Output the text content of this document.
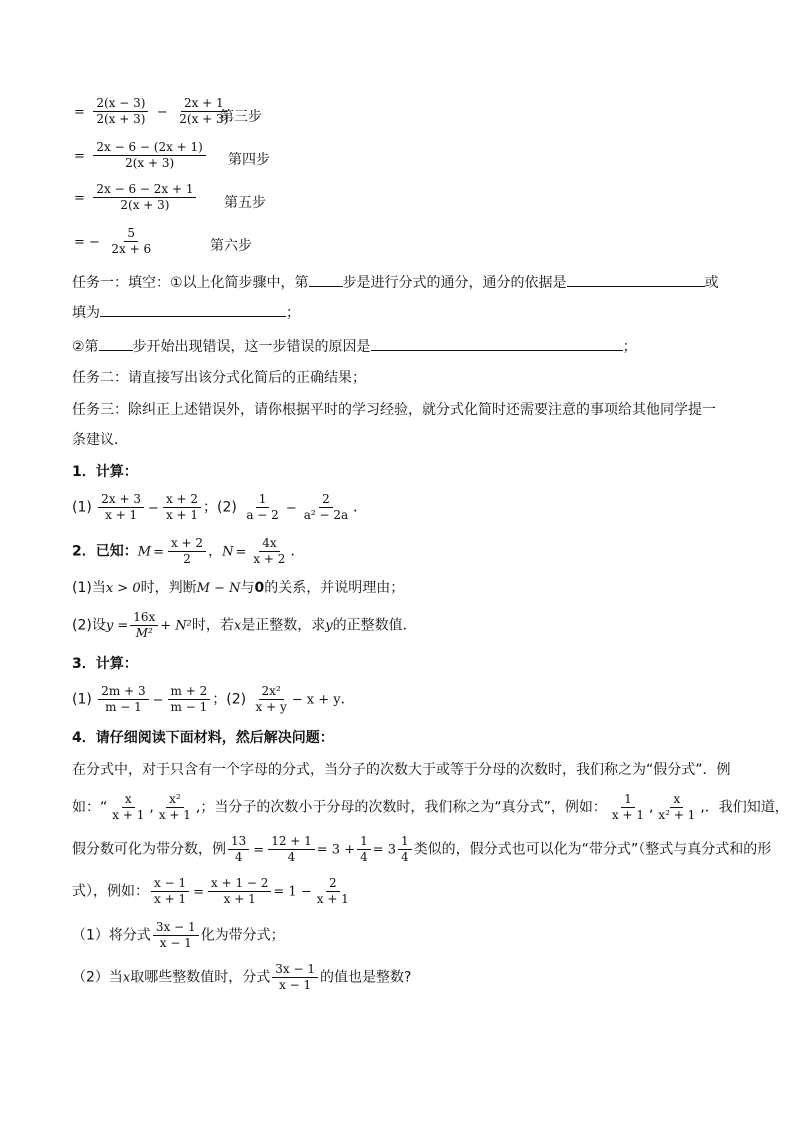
= $\frac{2(x - 3)}{2(x + 3)} - \frac{2x + 1}{2(x + 3)}$
第三步
= $\frac{2x - 6 - (2x + 1)}{2(x + 3)}$ 第四步
= $\frac{2x - 6 - 2x + 1}{2(x + 3)}$ 第五步
= − $\frac{5}{2x + 6}$	第六步
任务一：填空：①以上化简步骤中，第 步是进行分式的通分，通分的依据是	或
填为	；
②第 步开始出现错误，这一步错误的原因是	；
任务二：请直接写出该分式化简后的正确结果；
任务三：除纠正上述错误外，请你根据平时的学习经验，就分式化简时还需要注意的事项给其他同学提一
条建议．
1．计算：
$(1) \frac{2x + 3}{x + 1} - \frac{x + 2}{x + 1}$ ；$(2) \frac{1}{a - 2} - \frac{2}{\text{a² − 2a}}$ ．
2．已知：$M = \frac{x + 2}{2}$ ，$N = \frac{4x}{x + 2}$ ．
(1)当x > 0时，判断M − N与0的关系，并说明理由；
(2)设$y = \frac{16x}{\text{M²}} + N^2$时，若x是正整数，求y的正整数值．
3．计算：
$(1) \frac{2m + 3}{m - 1} - \frac{m + 2}{m - 1}$ ；$(2) \frac{\text{2x²}}{x + y} - x + y$．
4．请仔细阅读下面材料，然后解决问题：
在分式中，对于只含有一个字母的分式，当分子的次数大于或等于分母的次数时，我们称之为“假分式”．例
如：“ $\frac{x}{x + 1}$ , $\frac{\text{x²}}{x + 1}$ ,；当分子的次数小于分母的次数时，我们称之为“真分式”，例如： $\frac{1}{x + 1}$ , $\frac{x}{\text{x² + 1}}$ ,．我们知道，
假分数可化为带分数，例 $\frac{13}{4} = \frac{12 + 1}{4} = 3 + \frac{1}{4} = 3 \frac{1}{4}$ 类似的，假分式也可以化为“带分式”（整式与真分式和的形
式），例如： $\frac{x - 1}{x + 1} = \frac{x + 1 - 2}{x + 1} = 1 - \frac{2}{x + 1}$
（1）将分式 $\frac{3x - 1}{x - 1}$ 化为带分式；
（2）当x取哪些整数值时，分式 $\frac{3x - 1}{x - 1}$ 的值也是整数?
